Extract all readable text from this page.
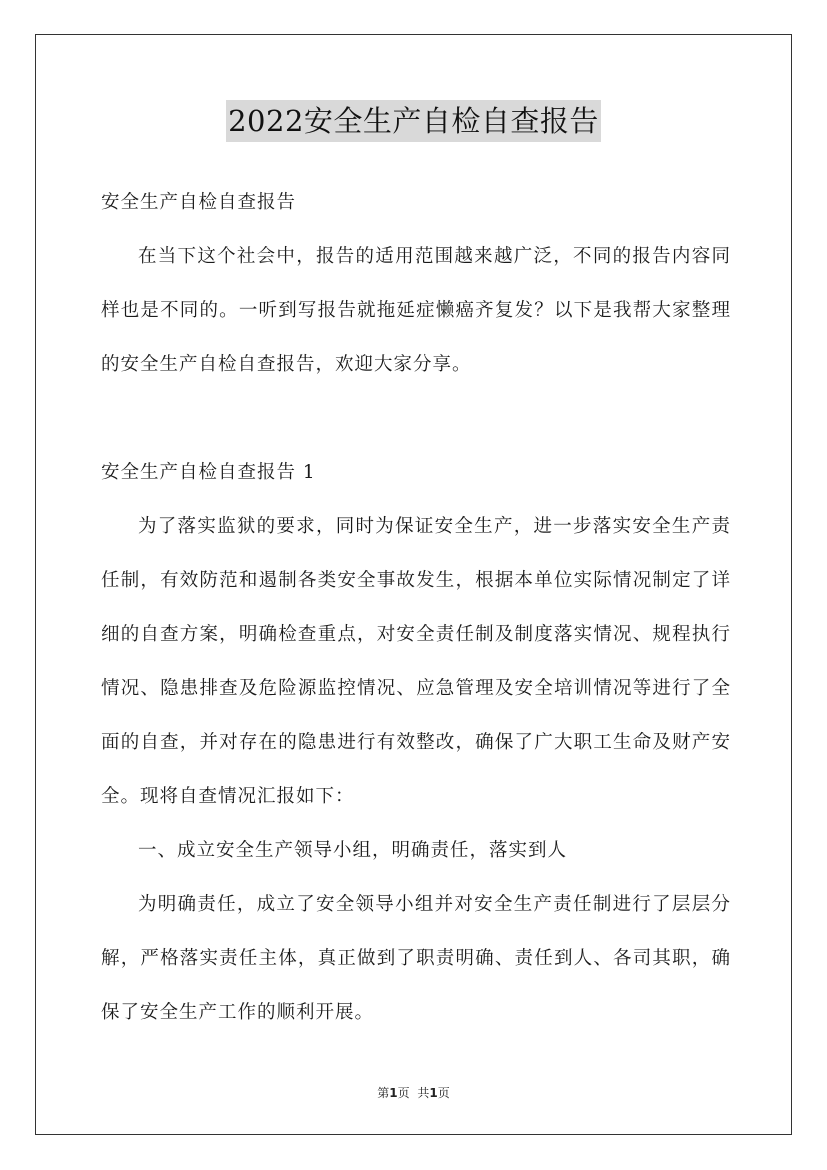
2022安全生产自检自查报告

安全生产自检自查报告

在当下这个社会中，报告的适用范围越来越广泛，不同的报告内容同样也是不同的。一听到写报告就拖延症懒癌齐复发？以下是我帮大家整理的安全生产自检自查报告，欢迎大家分享。

安全生产自检自查报告 1

为了落实监狱的要求，同时为保证安全生产，进一步落实安全生产责任制，有效防范和遏制各类安全事故发生，根据本单位实际情况制定了详细的自查方案，明确检查重点，对安全责任制及制度落实情况、规程执行情况、隐患排查及危险源监控情况、应急管理及安全培训情况等进行了全面的自查，并对存在的隐患进行有效整改，确保了广大职工生命及财产安全。现将自查情况汇报如下：

一、成立安全生产领导小组，明确责任，落实到人

为明确责任，成立了安全领导小组并对安全生产责任制进行了层层分解，严格落实责任主体，真正做到了职责明确、责任到人、各司其职，确保了安全生产工作的顺利开展。

第1页 共1页
